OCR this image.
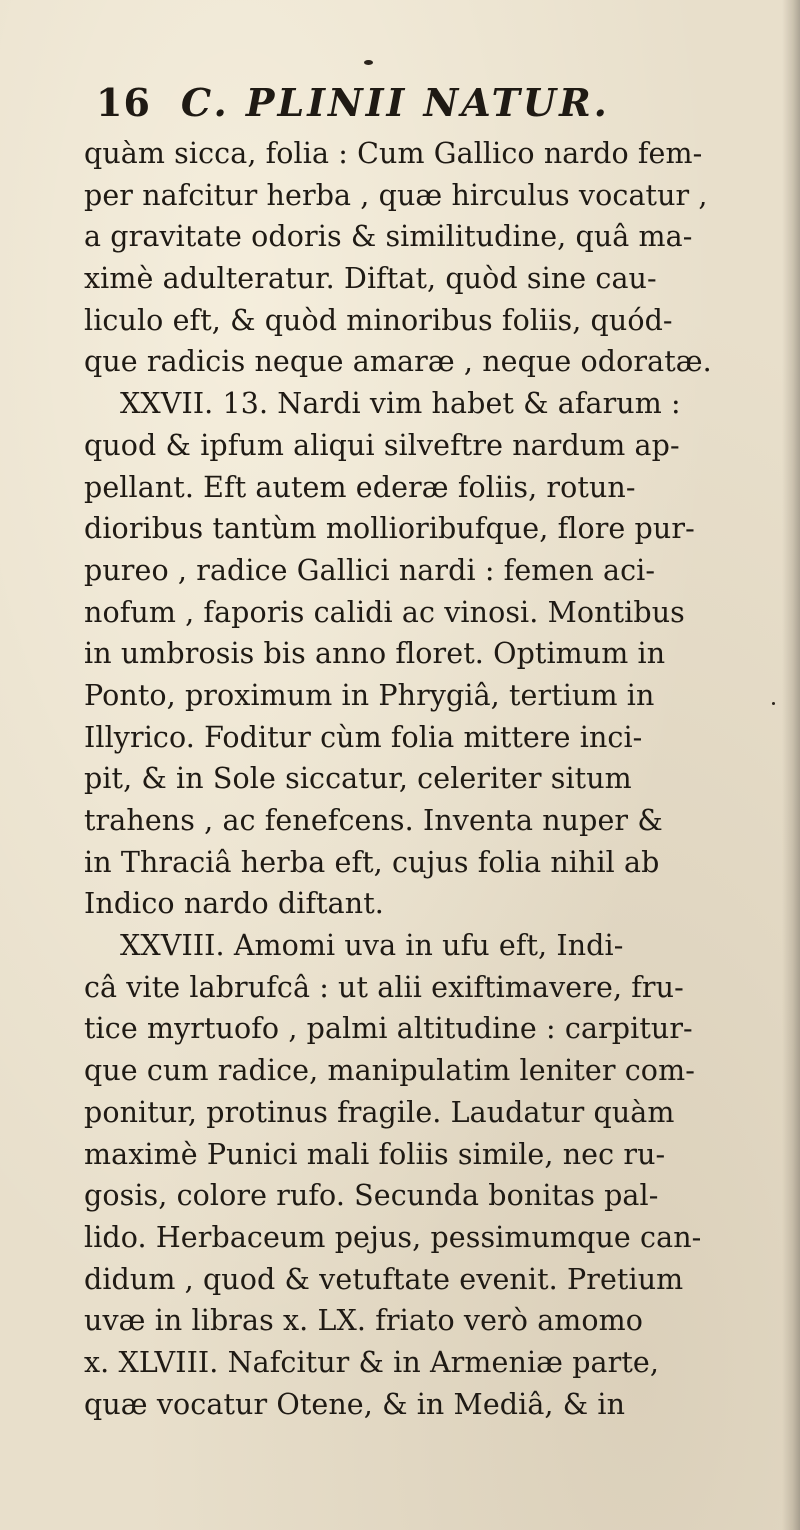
16 C. PLINII NATUR.
quàm sicca, folia : Cum Gallico nardo fem-
per nafcitur herba , quæ hirculus vocatur ,
a gravitate odoris & similitudine, quâ ma-
ximè adulteratur. Diftat, quòd sine cau-
liculo eft, & quòd minoribus foliis, quód-
que radicis neque amaræ , neque odoratæ.
XXVII. 13. Nardi vim habet & afarum :
quod & ipfum aliqui silveftre nardum ap-
pellant. Eft autem ederæ foliis, rotun-
dioribus tantùm mollioribufque, flore pur-
pureo , radice Gallici nardi : femen aci-
nofum , faporis calidi ac vinosi. Montibus
in umbrosis bis anno floret. Optimum in
Ponto, proximum in Phrygiâ, tertium in
Illyrico. Foditur cùm folia mittere inci-
pit, & in Sole siccatur, celeriter situm
trahens , ac fenefcens. Inventa nuper &
in Thraciâ herba eft, cujus folia nihil ab
Indico nardo diftant.
XXVIII. Amomi uva in ufu eft, Indi-
câ vite labrufcâ : ut alii exiftimavere, fru-
tice myrtuofo , palmi altitudine : carpitur-
que cum radice, manipulatim leniter com-
ponitur, protinus fragile. Laudatur quàm
maximè Punici mali foliis simile, nec ru-
gosis, colore rufo. Secunda bonitas pal-
lido. Herbaceum pejus, pessimumque can-
didum , quod & vetuftate evenit. Pretium
uvæ in libras x. LX. friato verò amomo
x. XLVIII. Nafcitur & in Armeniæ parte,
quæ vocatur Otene, & in Mediâ, & in
